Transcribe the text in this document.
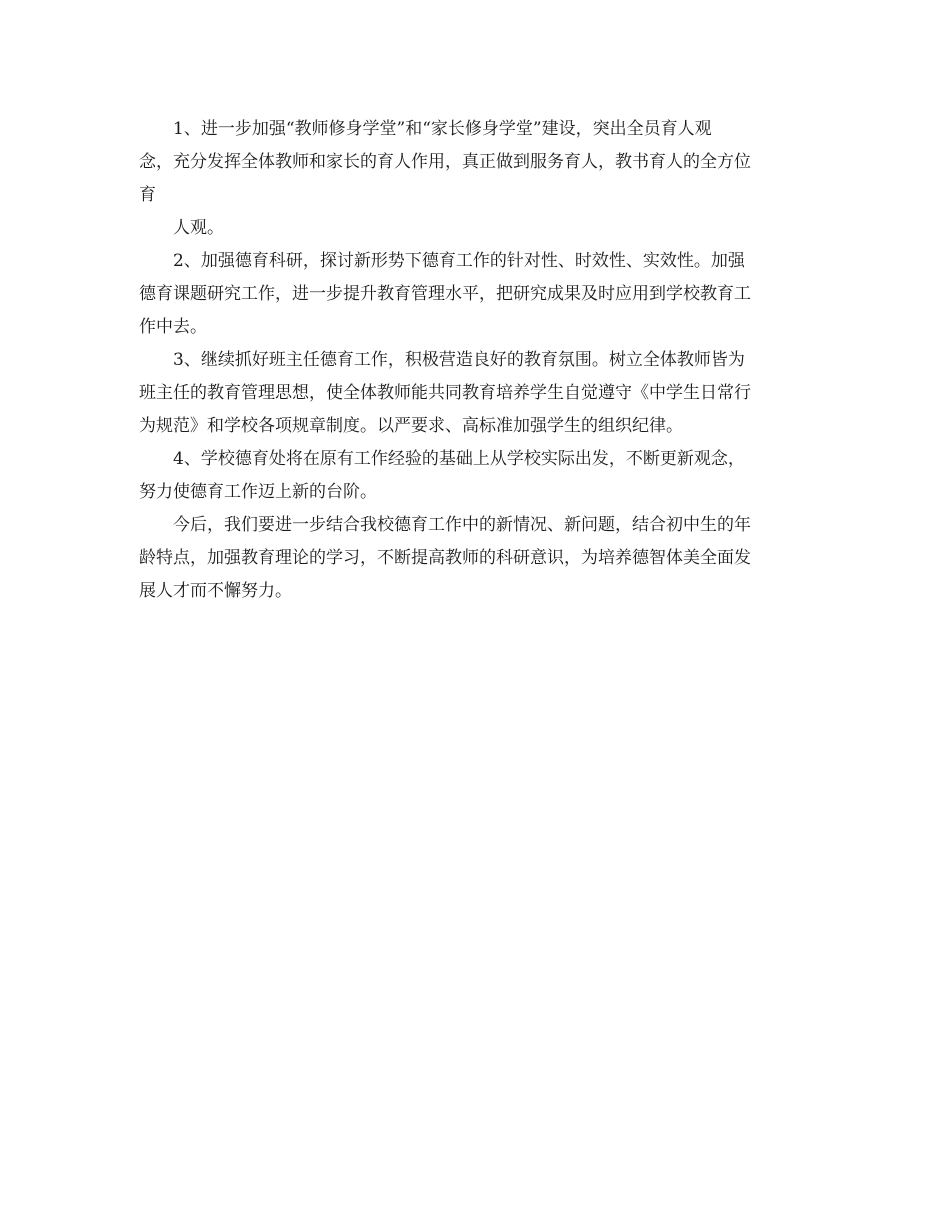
1、进一步加强“教师修身学堂”和“家长修身学堂”建设，突出全员育人观
念，充分发挥全体教师和家长的育人作用，真正做到服务育人，教书育人的全方位
育

人观。

2、加强德育科研，探讨新形势下德育工作的针对性、时效性、实效性。加强
德育课题研究工作，进一步提升教育管理水平，把研究成果及时应用到学校教育工
作中去。

3、继续抓好班主任德育工作，积极营造良好的教育氛围。树立全体教师皆为
班主任的教育管理思想，使全体教师能共同教育培养学生自觉遵守《中学生日常行
为规范》和学校各项规章制度。以严要求、高标准加强学生的组织纪律。

4、学校德育处将在原有工作经验的基础上从学校实际出发，不断更新观念，
努力使德育工作迈上新的台阶。

今后，我们要进一步结合我校德育工作中的新情况、新问题，结合初中生的年
龄特点，加强教育理论的学习，不断提高教师的科研意识，为培养德智体美全面发
展人才而不懈努力。
